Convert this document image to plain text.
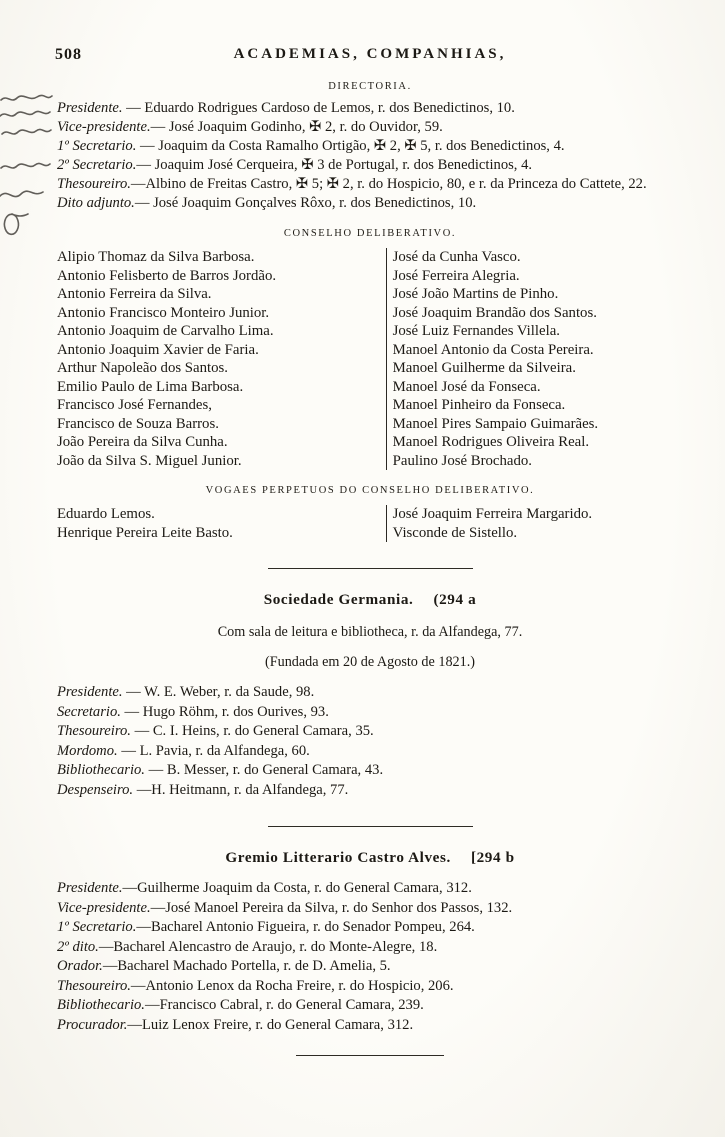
508	ACADEMIAS, COMPANHIAS,
DIRECTORIA.
Presidente. — Eduardo Rodrigues Cardoso de Lemos, r. dos Benedictinos, 10.
Vice-presidente.— José Joaquim Godinho, ✠ 2, r. do Ouvidor, 59.
1º Secretario. — Joaquim da Costa Ramalho Ortigão, ✠ 2, ✠ 5, r. dos Benedictinos, 4.
2º Secretario.— Joaquim José Cerqueira, ✠ 3 de Portugal, r. dos Benedictinos, 4.
Thesoureiro.—Albino de Freitas Castro, ✠ 5; ✠ 2, r. do Hospicio, 80, e r. da Princeza do Cattete, 22.
Dito adjunto.— José Joaquim Gonçalves Rôxo, r. dos Benedictinos, 10.
CONSELHO DELIBERATIVO.
Alipio Thomaz da Silva Barbosa.
Antonio Felisberto de Barros Jordão.
Antonio Ferreira da Silva.
Antonio Francisco Monteiro Junior.
Antonio Joaquim de Carvalho Lima.
Antonio Joaquim Xavier de Faria.
Arthur Napoleão dos Santos.
Emilio Paulo de Lima Barbosa.
Francisco José Fernandes,
Francisco de Souza Barros.
João Pereira da Silva Cunha.
João da Silva S. Miguel Junior.
José da Cunha Vasco.
José Ferreira Alegria.
José João Martins de Pinho.
José Joaquim Brandão dos Santos.
José Luiz Fernandes Villela.
Manoel Antonio da Costa Pereira.
Manoel Guilherme da Silveira.
Manoel José da Fonseca.
Manoel Pinheiro da Fonseca.
Manoel Pires Sampaio Guimarães.
Manoel Rodrigues Oliveira Real.
Paulino José Brochado.
VOGAES PERPETUOS DO CONSELHO DELIBERATIVO.
Eduardo Lemos.
Henrique Pereira Leite Basto.
José Joaquim Ferreira Margarido.
Visconde de Sistello.
Sociedade Germania. (294 a
Com sala de leitura e bibliotheca, r. da Alfandega, 77.
(Fundada em 20 de Agosto de 1821.)
Presidente. — W. E. Weber, r. da Saude, 98.
Secretario. — Hugo Röhm, r. dos Ourives, 93.
Thesoureiro. — C. I. Heins, r. do General Camara, 35.
Mordomo. — L. Pavia, r. da Alfandega, 60.
Bibliothecario. — B. Messer, r. do General Camara, 43.
Despenseiro. —H. Heitmann, r. da Alfandega, 77.
Gremio Litterario Castro Alves. [294 b
Presidente.—Guilherme Joaquim da Costa, r. do General Camara, 312.
Vice-presidente.—José Manoel Pereira da Silva, r. do Senhor dos Passos, 132.
1º Secretario.—Bacharel Antonio Figueira, r. do Senador Pompeu, 264.
2º dito.—Bacharel Alencastro de Araujo, r. do Monte-Alegre, 18.
Orador.—Bacharel Machado Portella, r. de D. Amelia, 5.
Thesoureiro.—Antonio Lenox da Rocha Freire, r. do Hospicio, 206.
Bibliothecario.—Francisco Cabral, r. do General Camara, 239.
Procurador.—Luiz Lenox Freire, r. do General Camara, 312.
